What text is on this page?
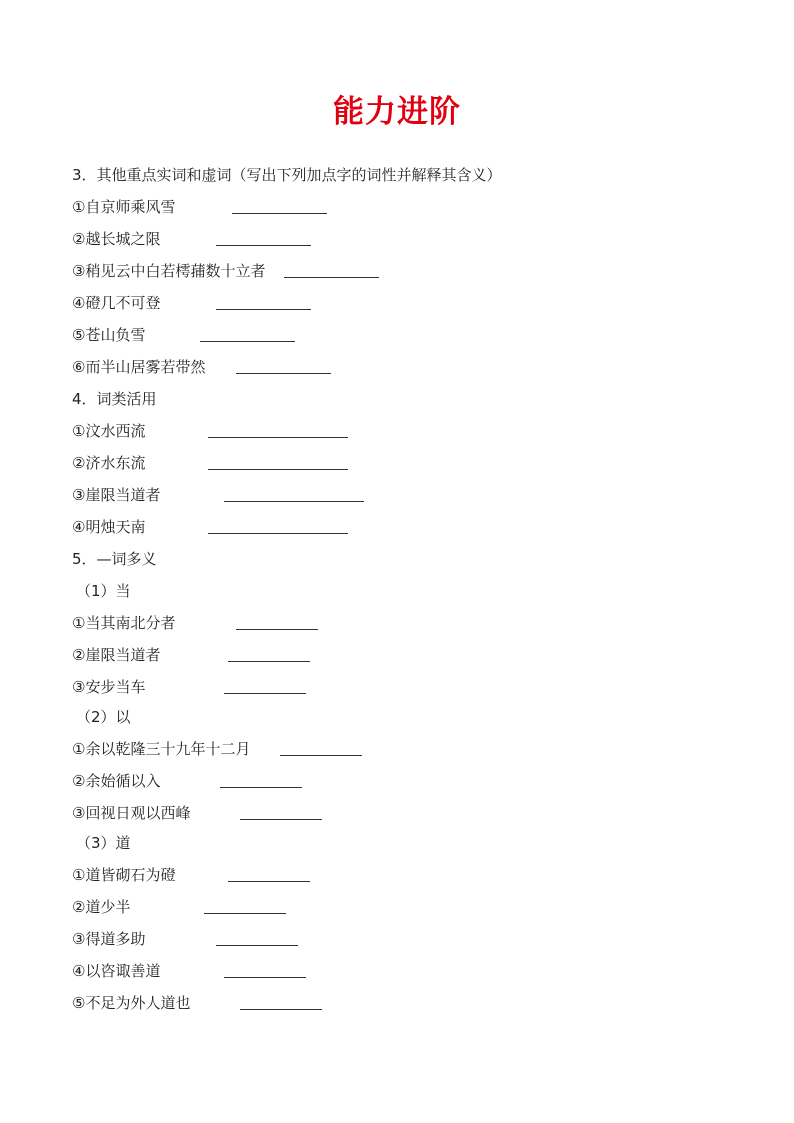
能力进阶
3．其他重点实词和虚词（写出下列加点字的词性并解释其含义）
①自京师乘风雪
②越长城之限
③稍见云中白若樗蒱数十立者
④磴几不可登
⑤苍山负雪
⑥而半山居雾若带然
4．词类活用
①汶水西流
②济水东流
③崖限当道者
④明烛天南
5．—词多义
（1）当
①当其南北分者
②崖限当道者
③安步当车
（2）以
①余以乾隆三十九年十二月
②余始循以入
③回视日观以西峰
（3）道
①道皆砌石为磴
②道少半
③得道多助
④以咨诹善道
⑤不足为外人道也
